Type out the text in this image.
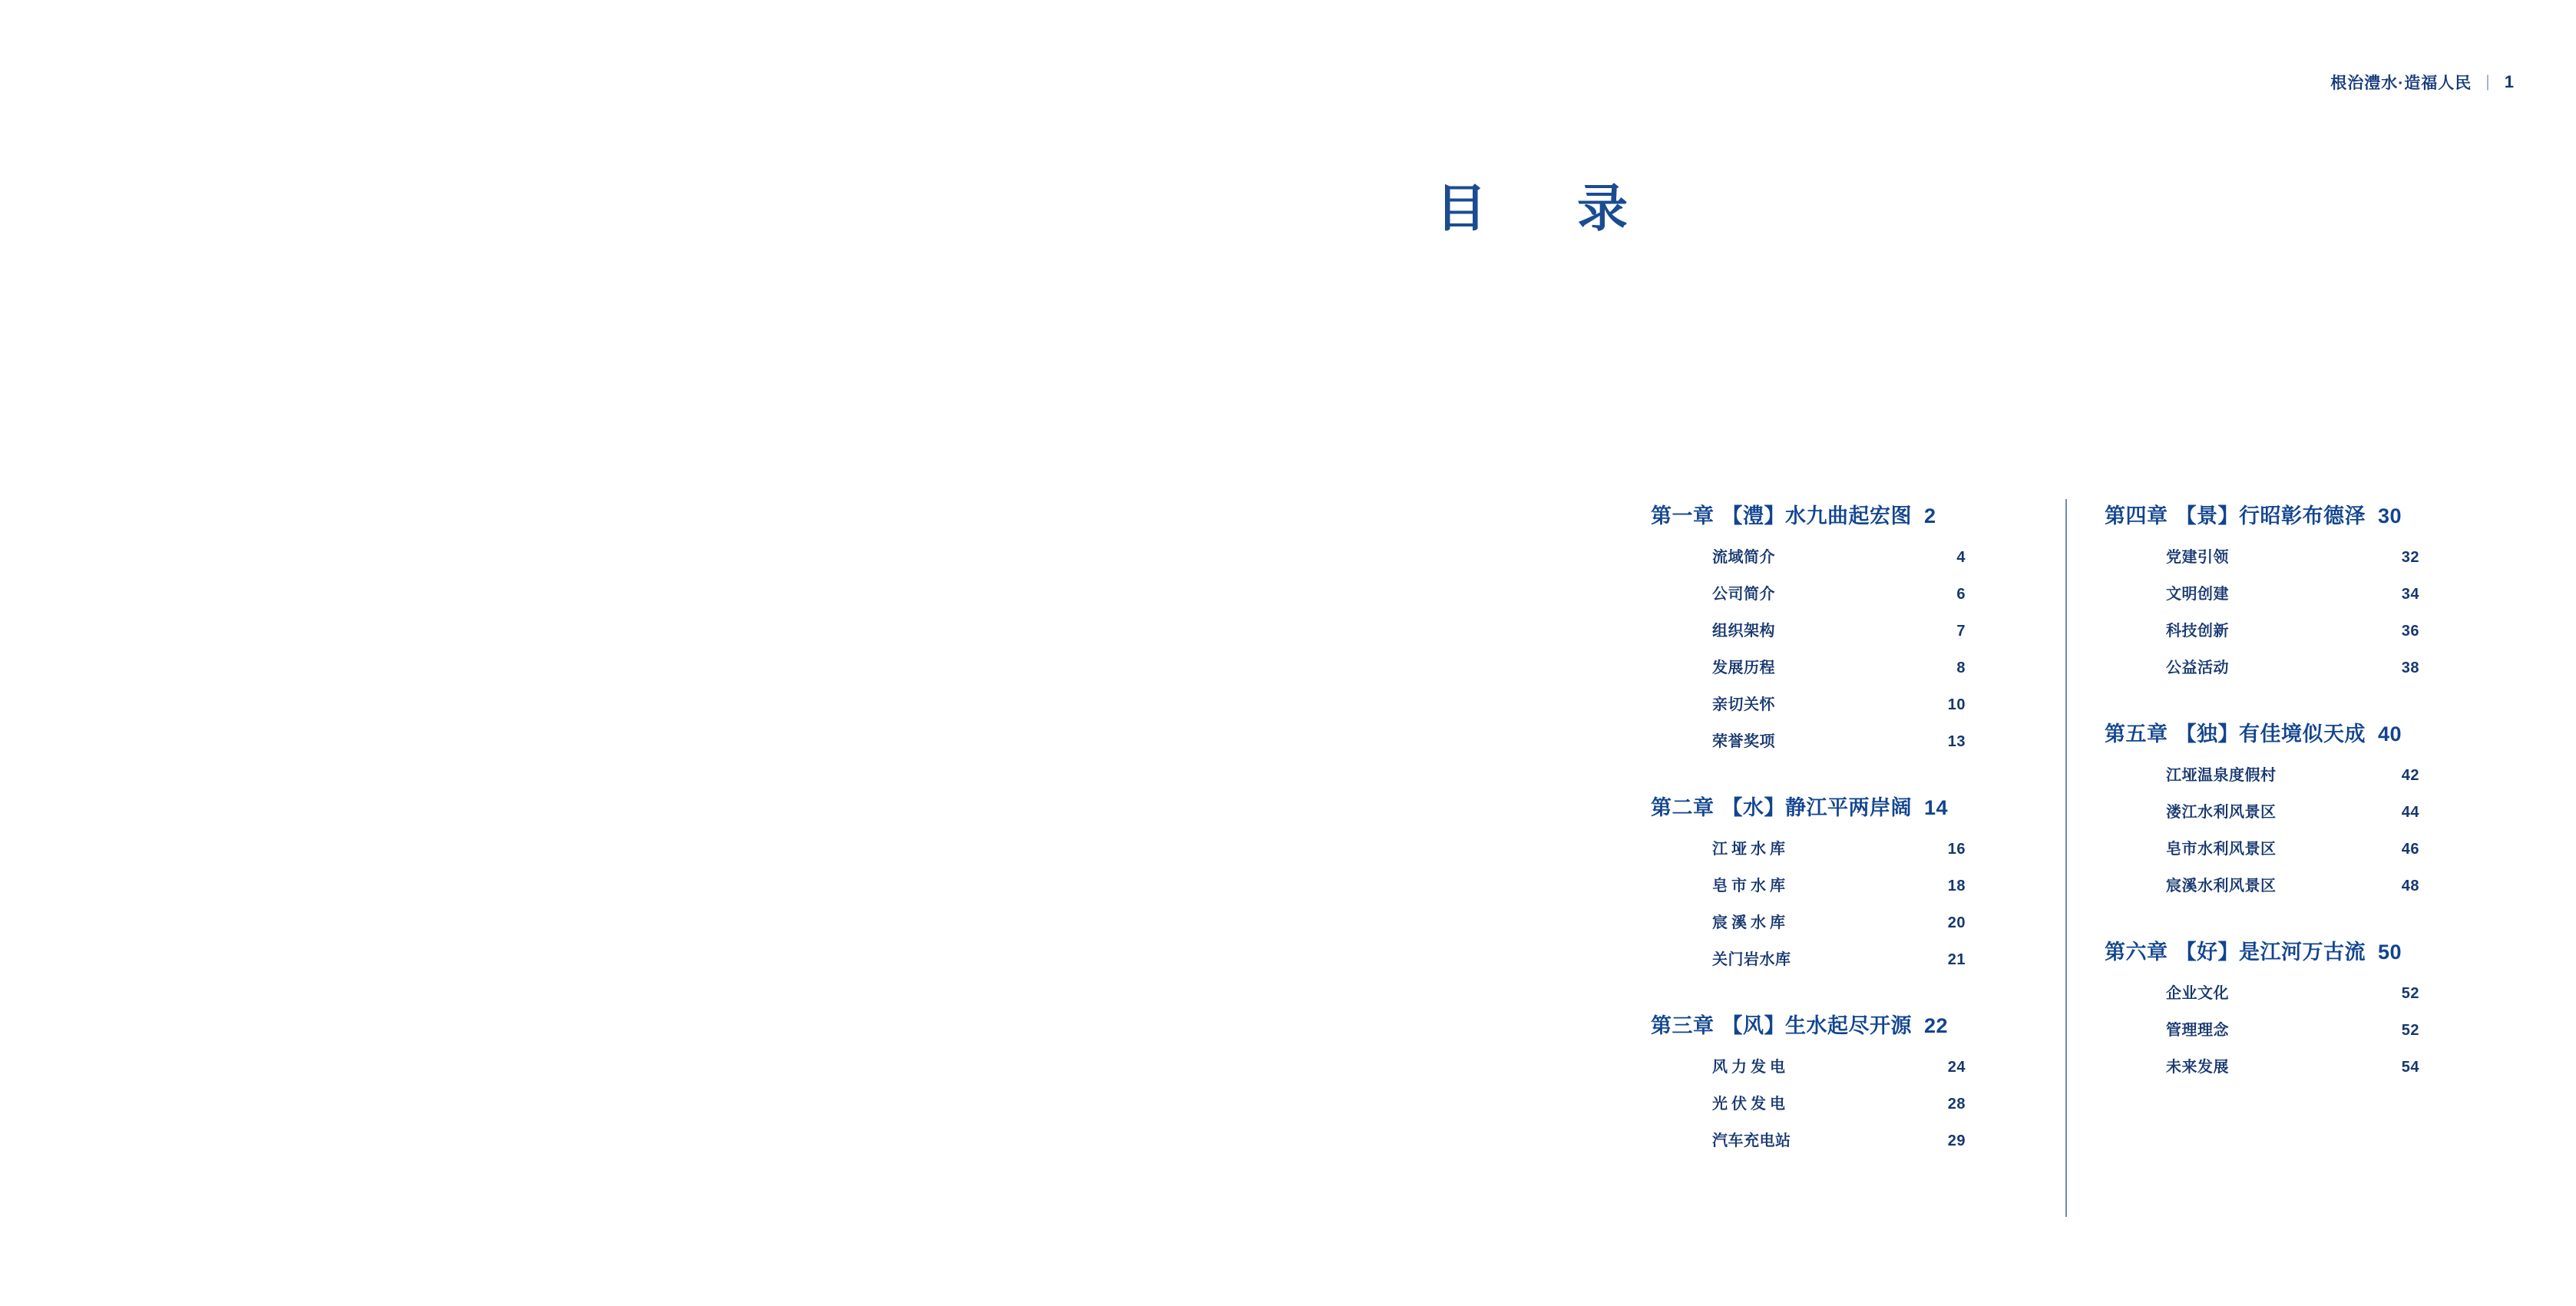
根治澧水·造福人民 | 1
目　录
第一章 【澧】水九曲起宏图 2
流域简介	4
公司简介	6
组织架构	7
发展历程	8
亲切关怀	10
荣誉奖项	13
第二章 【水】静江平两岸阔 14
江垭水库	16
皂市水库	18
宸溪水库	20
关门岩水库	21
第三章 【风】生水起尽开源 22
风力发电	24
光伏发电	28
汽车充电站	29
第四章 【景】行昭彰布德泽 30
党建引领	32
文明创建	34
科技创新	36
公益活动	38
第五章 【独】有佳境似天成 40
江垭温泉度假村	42
溇江水利风景区	44
皂市水利风景区	46
宸溪水利风景区	48
第六章 【好】是江河万古流 50
企业文化	52
管理理念	52
未来发展	54
